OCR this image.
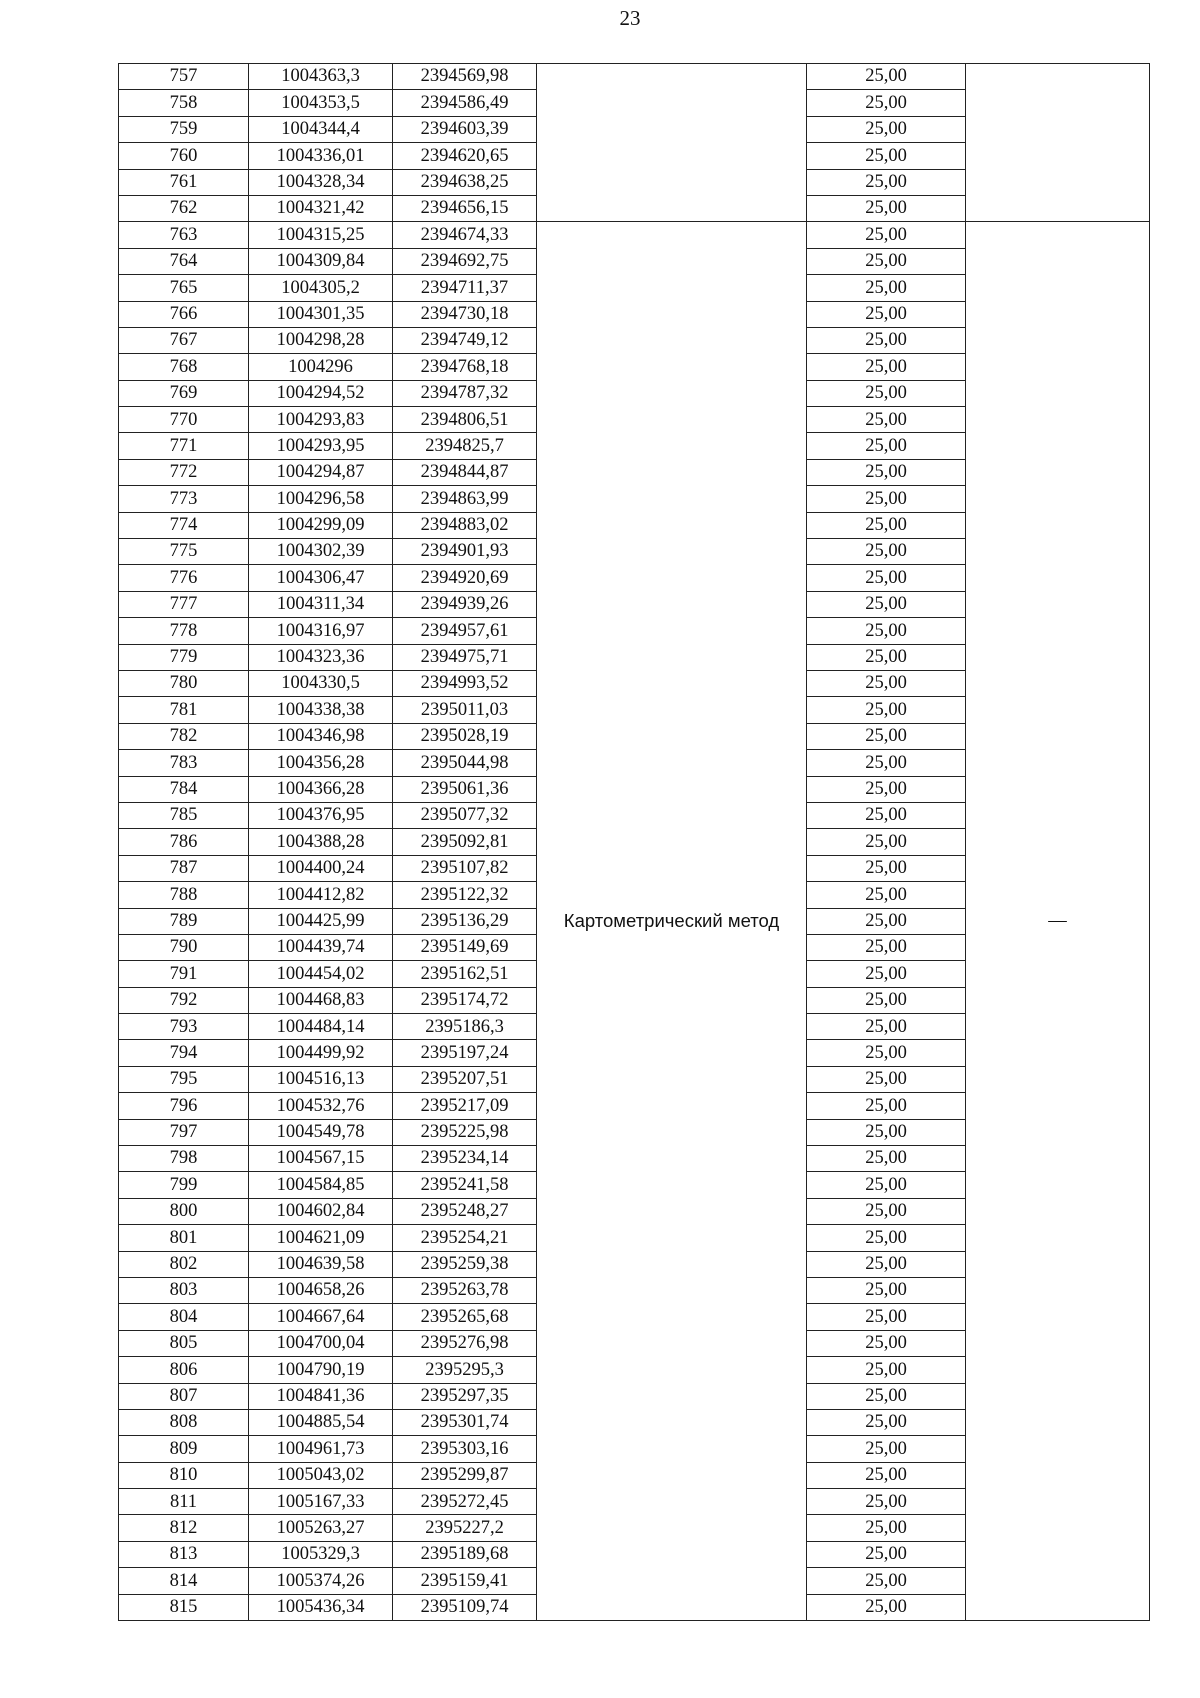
23
757	1004363,3	2394569,98		25,00	
758	1004353,5	2394586,49		25,00	
759	1004344,4	2394603,39		25,00	
760	1004336,01	2394620,65		25,00	
761	1004328,34	2394638,25		25,00	
762	1004321,42	2394656,15		25,00	
763	1004315,25	2394674,33	Картометрический метод	25,00	—
764	1004309,84	2394692,75		25,00	
765	1004305,2	2394711,37		25,00	
766	1004301,35	2394730,18		25,00	
767	1004298,28	2394749,12		25,00	
768	1004296	2394768,18		25,00	
769	1004294,52	2394787,32		25,00	
770	1004293,83	2394806,51		25,00	
771	1004293,95	2394825,7		25,00	
772	1004294,87	2394844,87		25,00	
773	1004296,58	2394863,99		25,00	
774	1004299,09	2394883,02		25,00	
775	1004302,39	2394901,93		25,00	
776	1004306,47	2394920,69		25,00	
777	1004311,34	2394939,26		25,00	
778	1004316,97	2394957,61		25,00	
779	1004323,36	2394975,71		25,00	
780	1004330,5	2394993,52		25,00	
781	1004338,38	2395011,03		25,00	
782	1004346,98	2395028,19		25,00	
783	1004356,28	2395044,98		25,00	
784	1004366,28	2395061,36		25,00	
785	1004376,95	2395077,32		25,00	
786	1004388,28	2395092,81		25,00	
787	1004400,24	2395107,82		25,00	
788	1004412,82	2395122,32		25,00	
789	1004425,99	2395136,29		25,00	
790	1004439,74	2395149,69		25,00	
791	1004454,02	2395162,51		25,00	
792	1004468,83	2395174,72		25,00	
793	1004484,14	2395186,3		25,00	
794	1004499,92	2395197,24		25,00	
795	1004516,13	2395207,51		25,00	
796	1004532,76	2395217,09		25,00	
797	1004549,78	2395225,98		25,00	
798	1004567,15	2395234,14		25,00	
799	1004584,85	2395241,58		25,00	
800	1004602,84	2395248,27		25,00	
801	1004621,09	2395254,21		25,00	
802	1004639,58	2395259,38		25,00	
803	1004658,26	2395263,78		25,00	
804	1004667,64	2395265,68		25,00	
805	1004700,04	2395276,98		25,00	
806	1004790,19	2395295,3		25,00	
807	1004841,36	2395297,35		25,00	
808	1004885,54	2395301,74		25,00	
809	1004961,73	2395303,16		25,00	
810	1005043,02	2395299,87		25,00	
811	1005167,33	2395272,45		25,00	
812	1005263,27	2395227,2		25,00	
813	1005329,3	2395189,68		25,00	
814	1005374,26	2395159,41		25,00	
815	1005436,34	2395109,74		25,00	
